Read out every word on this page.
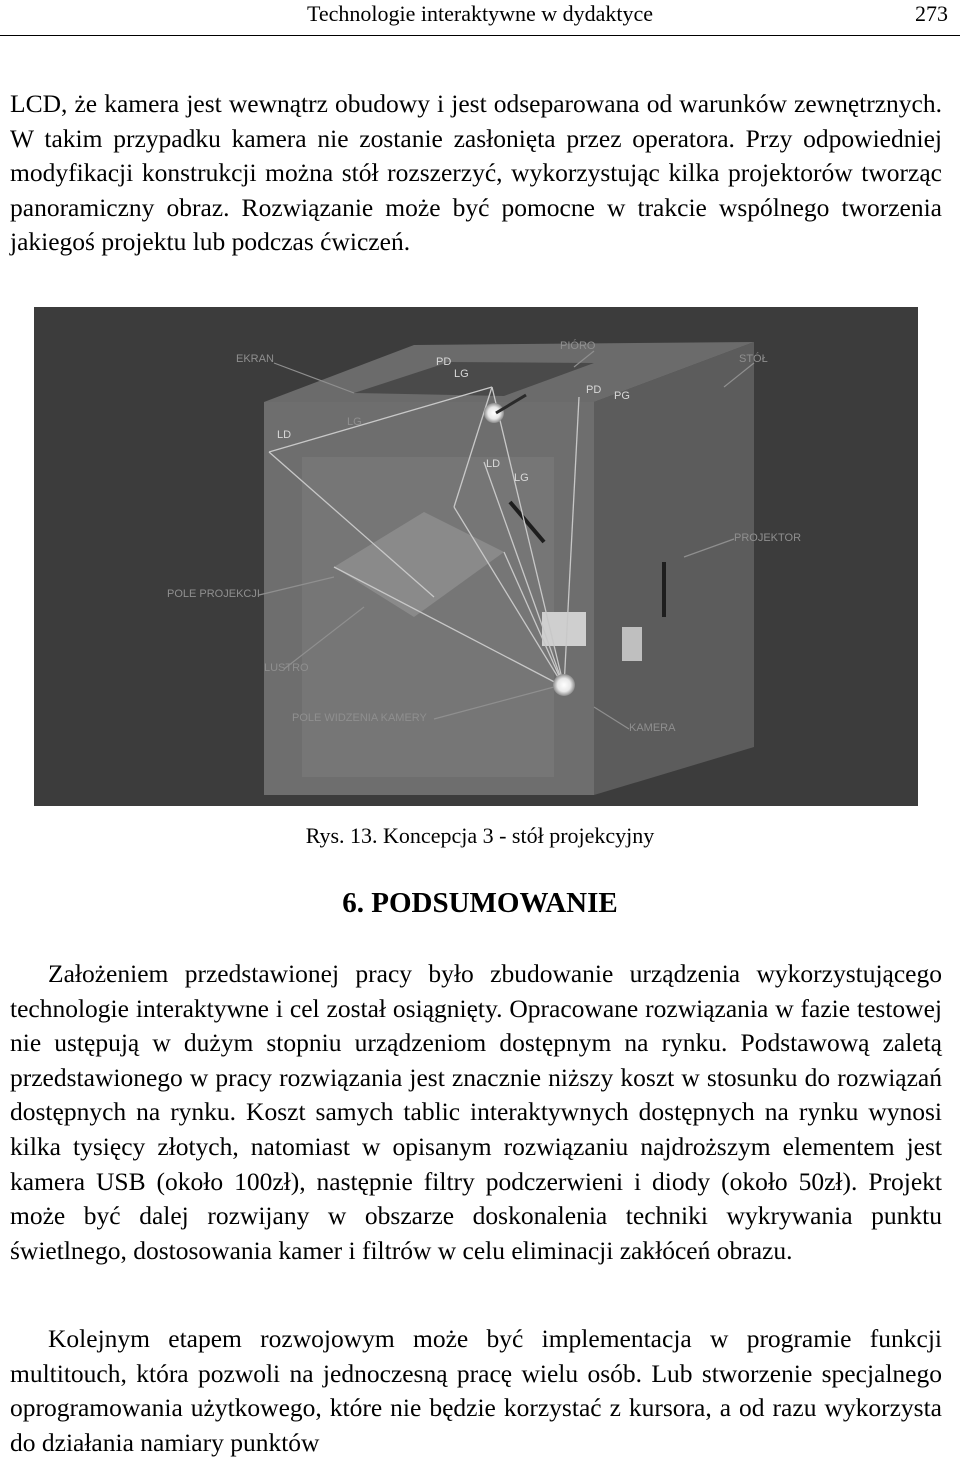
Technologie interaktywne w dydaktyce	273

LCD, że kamera jest wewnątrz obudowy i jest odseparowana od warunków zewnętrznych. W takim przypadku kamera nie zostanie zasłonięta przez operatora. Przy odpowiedniej modyfikacji konstrukcji można stół rozszerzyć, wykorzystując kilka projektorów tworząc panoramiczny obraz. Rozwiązanie może być pomocne w trakcie wspólnego tworzenia jakiegoś projektu lub podczas ćwiczeń.

EKRAN
PIÓRO
STÓŁ
PROJEKTOR
POLE PROJEKCJI
LUSTRO
POLE WIDZENIA KAMERY
KAMERA
PD
LG
PD PG
LD
LG
LD
LG
Rys. 13. Koncepcja 3 - stół projekcyjny
6. PODSUMOWANIE

Założeniem przedstawionej pracy było zbudowanie urządzenia wykorzystującego technologie interaktywne i cel został osiągnięty. Opracowane rozwiązania w fazie testowej nie ustępują w dużym stopniu urządzeniom dostępnym na rynku. Podstawową zaletą przedstawionego w pracy rozwiązania jest znacznie niższy koszt w stosunku do rozwiązań dostępnych na rynku. Koszt samych tablic interaktywnych dostępnych na rynku wynosi kilka tysięcy złotych, natomiast w opisanym rozwiązaniu najdroższym elementem jest kamera USB (około 100zł), następnie filtry podczerwieni i diody (około 50zł). Projekt może być dalej rozwijany w obszarze doskonalenia techniki wykrywania punktu świetlnego, dostosowania kamer i filtrów w celu eliminacji zakłóceń obrazu.

Kolejnym etapem rozwojowym może być implementacja w programie funkcji multitouch, która pozwoli na jednoczesną pracę wielu osób. Lub stworzenie specjalnego oprogramowania użytkowego, które nie będzie korzystać z kursora, a od razu wykorzysta do działania namiary punktów
